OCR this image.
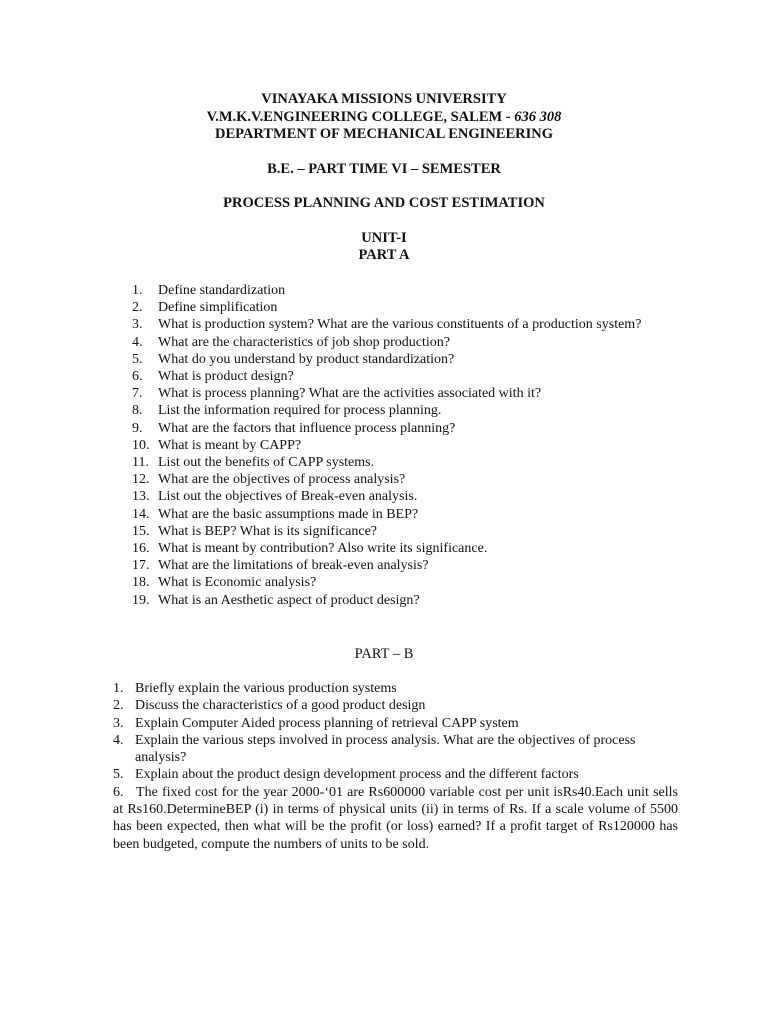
VINAYAKA MISSIONS UNIVERSITY
V.M.K.V.ENGINEERING COLLEGE, SALEM - 636 308
DEPARTMENT OF MECHANICAL ENGINEERING
B.E. – PART TIME VI – SEMESTER
PROCESS PLANNING AND COST ESTIMATION
UNIT-I
PART A
1.	Define standardization
2.	Define simplification
3.	What is production system? What are the various constituents of a production system?
4.	What are the characteristics of job shop production?
5.	What do you understand by product standardization?
6.	What is product design?
7.	What is process planning? What are the activities associated with it?
8.	List the information required for process planning.
9.	What are the factors that influence process planning?
10. What is meant by CAPP?
11. List out the benefits of CAPP systems.
12. What are the objectives of process analysis?
13. List out the objectives of Break-even analysis.
14. What are the basic assumptions made in BEP?
15. What is BEP? What is its significance?
16. What is meant by contribution? Also write its significance.
17. What are the limitations of break-even analysis?
18. What is Economic analysis?
19. What is an Aesthetic aspect of product design?
PART – B
1. Briefly explain the various production systems
2. Discuss the characteristics of a good product design
3. Explain Computer Aided process planning of retrieval CAPP system
4. Explain the various steps involved in process analysis. What are the objectives of process analysis?
5. Explain about the product design development process and the different factors
6. The fixed cost for the year 2000-‘01 are Rs600000 variable cost per unit isRs40.Each unit sells at Rs160.DetermineBEP (i) in terms of physical units (ii) in terms of Rs. If a scale volume of 5500 has been expected, then what will be the profit (or loss) earned? If a profit target of Rs120000 has been budgeted, compute the numbers of units to be sold.
